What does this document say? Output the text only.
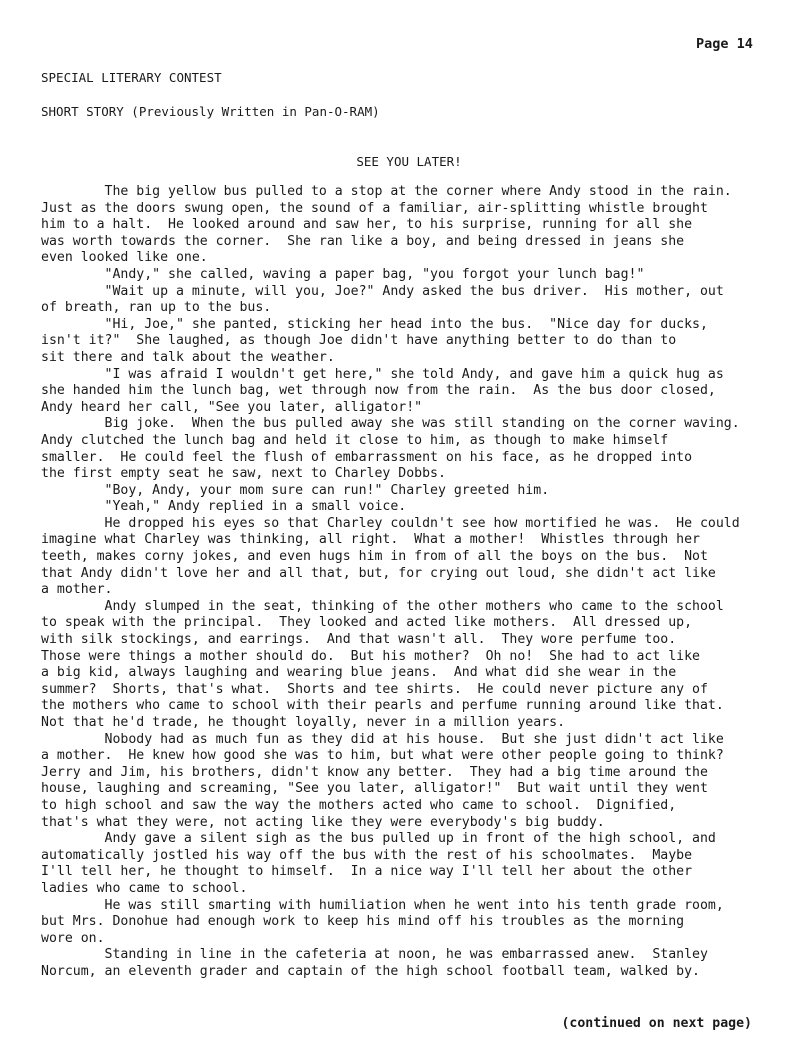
Page 14
SPECIAL LITERARY CONTEST
SHORT STORY (Previously Written in Pan-O-RAM)
SEE YOU LATER!

The big yellow bus pulled to a stop at the corner where Andy stood in the rain.

Just as the doors swung open, the sound of a familiar, air-splitting whistle brought

him to a halt.  He looked around and saw her, to his surprise, running for all she

was worth towards the corner.  She ran like a boy, and being dressed in jeans she

even looked like one.

"Andy," she called, waving a paper bag, "you forgot your lunch bag!"

"Wait up a minute, will you, Joe?" Andy asked the bus driver.  His mother, out

of breath, ran up to the bus.

"Hi, Joe," she panted, sticking her head into the bus.  "Nice day for ducks,

isn't it?"  She laughed, as though Joe didn't have anything better to do than to

sit there and talk about the weather.

"I was afraid I wouldn't get here," she told Andy, and gave him a quick hug as

she handed him the lunch bag, wet through now from the rain.  As the bus door closed,

Andy heard her call, "See you later, alligator!"

Big joke.  When the bus pulled away she was still standing on the corner waving.

Andy clutched the lunch bag and held it close to him, as though to make himself

smaller.  He could feel the flush of embarrassment on his face, as he dropped into

the first empty seat he saw, next to Charley Dobbs.

"Boy, Andy, your mom sure can run!" Charley greeted him.

"Yeah," Andy replied in a small voice.

He dropped his eyes so that Charley couldn't see how mortified he was.  He could

imagine what Charley was thinking, all right.  What a mother!  Whistles through her

teeth, makes corny jokes, and even hugs him in from of all the boys on the bus.  Not

that Andy didn't love her and all that, but, for crying out loud, she didn't act like

a mother.

Andy slumped in the seat, thinking of the other mothers who came to the school

to speak with the principal.  They looked and acted like mothers.  All dressed up,

with silk stockings, and earrings.  And that wasn't all.  They wore perfume too.

Those were things a mother should do.  But his mother?  Oh no!  She had to act like

a big kid, always laughing and wearing blue jeans.  And what did she wear in the

summer?  Shorts, that's what.  Shorts and tee shirts.  He could never picture any of

the mothers who came to school with their pearls and perfume running around like that.

Not that he'd trade, he thought loyally, never in a million years.

Nobody had as much fun as they did at his house.  But she just didn't act like

a mother.  He knew how good she was to him, but what were other people going to think?

Jerry and Jim, his brothers, didn't know any better.  They had a big time around the

house, laughing and screaming, "See you later, alligator!"  But wait until they went

to high school and saw the way the mothers acted who came to school.  Dignified,

that's what they were, not acting like they were everybody's big buddy.

Andy gave a silent sigh as the bus pulled up in front of the high school, and

automatically jostled his way off the bus with the rest of his schoolmates.  Maybe

I'll tell her, he thought to himself.  In a nice way I'll tell her about the other

ladies who came to school.

He was still smarting with humiliation when he went into his tenth grade room,

but Mrs. Donohue had enough work to keep his mind off his troubles as the morning

wore on.

Standing in line in the cafeteria at noon, he was embarrassed anew.  Stanley

Norcum, an eleventh grader and captain of the high school football team, walked by.

(continued on next page)
